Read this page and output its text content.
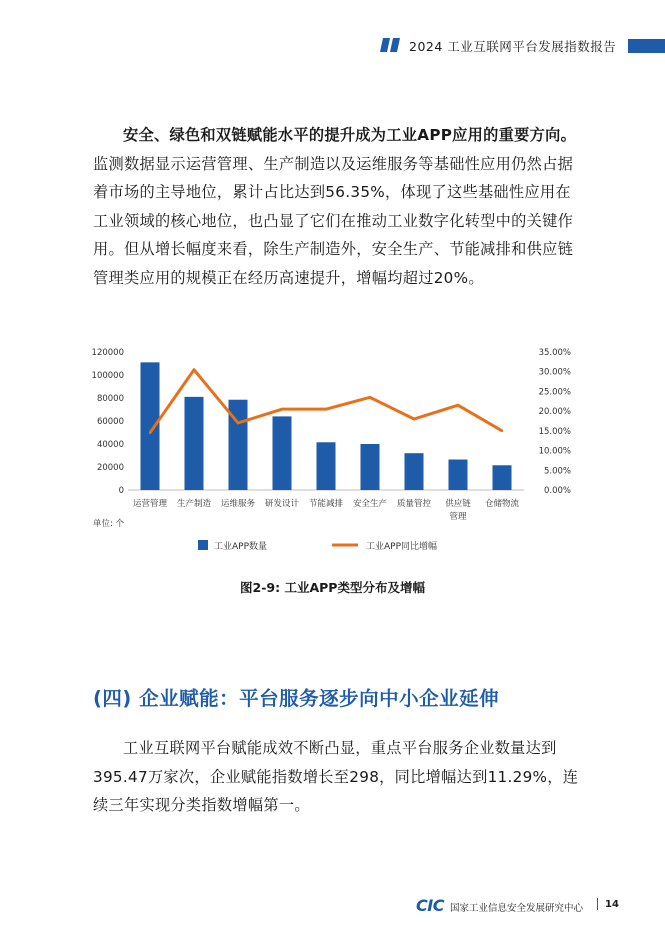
2024 工业互联网平台发展指数报告
安全、绿色和双链赋能水平的提升成为工业APP应用的重要方向。监测数据显示运营管理、生产制造以及运维服务等基础性应用仍然占据着市场的主导地位，累计占比达到56.35%，体现了这些基础性应用在工业领域的核心地位，也凸显了它们在推动工业数字化转型中的关键作用。但从增长幅度来看，除生产制造外，安全生产、节能减排和供应链管理类应用的规模正在经历高速提升，增幅均超过20%。
0
20000
40000
60000
80000
100000
120000
0.00%
5.00%
10.00%
15.00%
20.00%
25.00%
30.00%
35.00%
运营管理 生产制造 运维服务 研发设计 节能减排 安全生产 质量管控 供应链
管理
仓储物流
单位: 个
工业APP数量	工业APP同比增幅
图2-9: 工业APP类型分布及增幅
(四) 企业赋能：平台服务逐步向中小企业延伸
工业互联网平台赋能成效不断凸显，重点平台服务企业数量达到395.47万家次，企业赋能指数增长至298，同比增幅达到11.29%，连续三年实现分类指数增幅第一。
CIC 国家工业信息安全发展研究中心 14
